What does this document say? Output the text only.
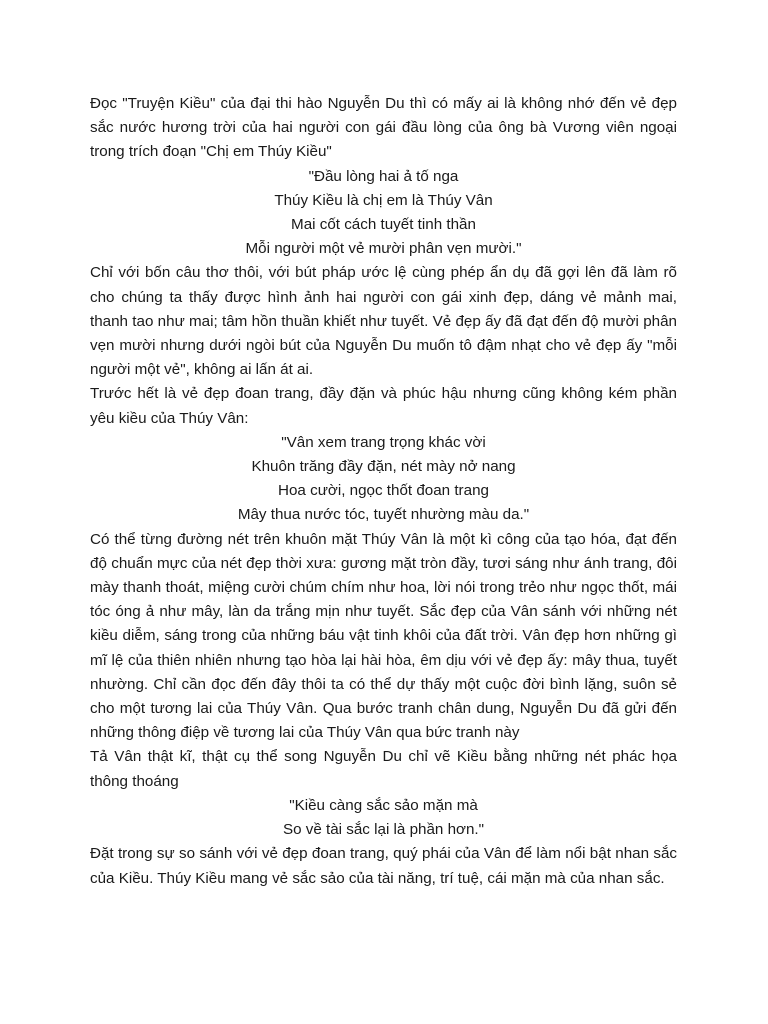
Đọc "Truyện Kiều" của đại thi hào Nguyễn Du thì có mấy ai là không nhớ đến vẻ đẹp sắc nước hương trời của hai người con gái đầu lòng của ông bà Vương viên ngoại trong trích đoạn "Chị em Thúy Kiều"

"Đầu lòng hai ả tố nga

Thúy Kiều là chị em là Thúy Vân

Mai cốt cách tuyết tinh thần

Mỗi người một vẻ mười phân vẹn mười."

Chỉ với bốn câu thơ thôi, với bút pháp ước lệ cùng phép ẩn dụ đã gợi lên đã làm rõ cho chúng ta thấy được hình ảnh hai người con gái xinh đẹp, dáng vẻ mảnh mai, thanh tao như mai; tâm hồn thuần khiết như tuyết. Vẻ đẹp ấy đã đạt đến độ mười phân vẹn mười nhưng dưới ngòi bút của Nguyễn Du muốn tô đậm nhạt cho vẻ đẹp ấy "mỗi người một vẻ", không ai lấn át ai.

Trước hết là vẻ đẹp đoan trang, đầy đặn và phúc hậu nhưng cũng không kém phần yêu kiều của Thúy Vân:

"Vân xem trang trọng khác vời

Khuôn trăng đầy đặn, nét mày nở nang

Hoa cười, ngọc thốt đoan trang

Mây thua nước tóc, tuyết nhường màu da."

Có thể từng đường nét trên khuôn mặt Thúy Vân là một kì công của tạo hóa, đạt đến độ chuẩn mực của nét đẹp thời xưa: gương mặt tròn đầy, tươi sáng như ánh trang, đôi mày thanh thoát, miệng cười chúm chím như hoa, lời nói trong trẻo như ngọc thốt, mái tóc óng ả như mây, làn da trắng mịn như tuyết. Sắc đẹp của Vân sánh với những nét kiều diễm, sáng trong của những báu vật tinh khôi của đất trời. Vân đẹp hơn những gì mĩ lệ của thiên nhiên nhưng tạo hòa lại hài hòa, êm dịu với vẻ đẹp ấy: mây thua, tuyết nhường. Chỉ cần đọc đến đây thôi ta có thể dự thấy một cuộc đời bình lặng, suôn sẻ cho một tương lai của Thúy Vân. Qua bước tranh chân dung, Nguyễn Du đã gửi đến những thông điệp về tương lai của Thúy Vân qua bức tranh này

Tả Vân thật kĩ, thật cụ thể song Nguyễn Du chỉ vẽ Kiều bằng những nét phác họa thông thoáng

"Kiều càng sắc sảo mặn mà

So về tài sắc lại là phần hơn."

Đặt trong sự so sánh với vẻ đẹp đoan trang, quý phái của Vân để làm nổi bật nhan sắc của Kiều. Thúy Kiều mang vẻ sắc sảo của tài năng, trí tuệ, cái mặn mà của nhan sắc.
